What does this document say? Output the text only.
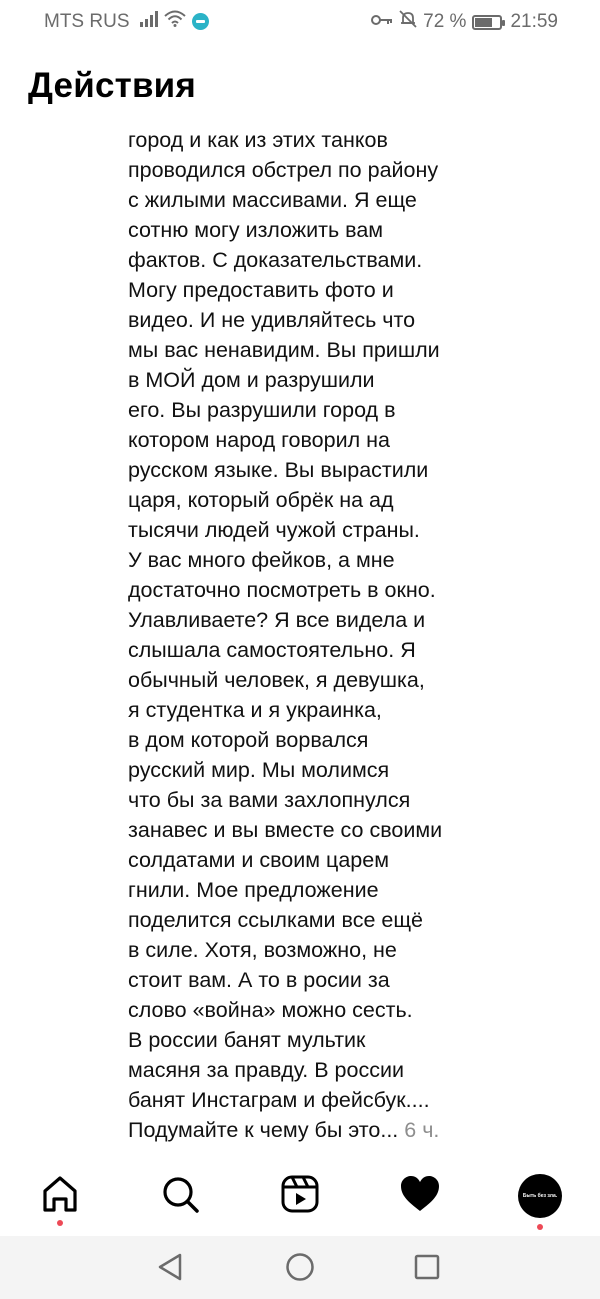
MTS RUS	72 % 21:59
Действия
город и как из этих танков
проводился обстрел по району
с жилыми массивами. Я еще
сотню могу изложить вам
фактов. С доказательствами.
Могу предоставить фото и
видео. И не удивляйтесь что
мы вас ненавидим. Вы пришли
в МОЙ дом и разрушили
его. Вы разрушили город в
котором народ говорил на
русском языке. Вы вырастили
царя, который обрёк на ад
тысячи людей чужой страны.
У вас много фейков, а мне
достаточно посмотреть в окно.
Улавливаете? Я все видела и
слышала самостоятельно. Я
обычный человек, я девушка,
я студентка и я украинка,
в дом которой ворвался
русский мир. Мы молимся
что бы за вами захлопнулся
занавес и вы вместе со своими
солдатами и своим царем
гнили. Мое предложение
поделится ссылками все ещё
в силе. Хотя, возможно, не
стоит вам. А то в росии за
слово «война» можно сесть.
В россии банят мультик
масяня за правду. В россии
банят Инстаграм и фейсбук....
Подумайте к чему бы это... 6 ч.
Быть без зла.
